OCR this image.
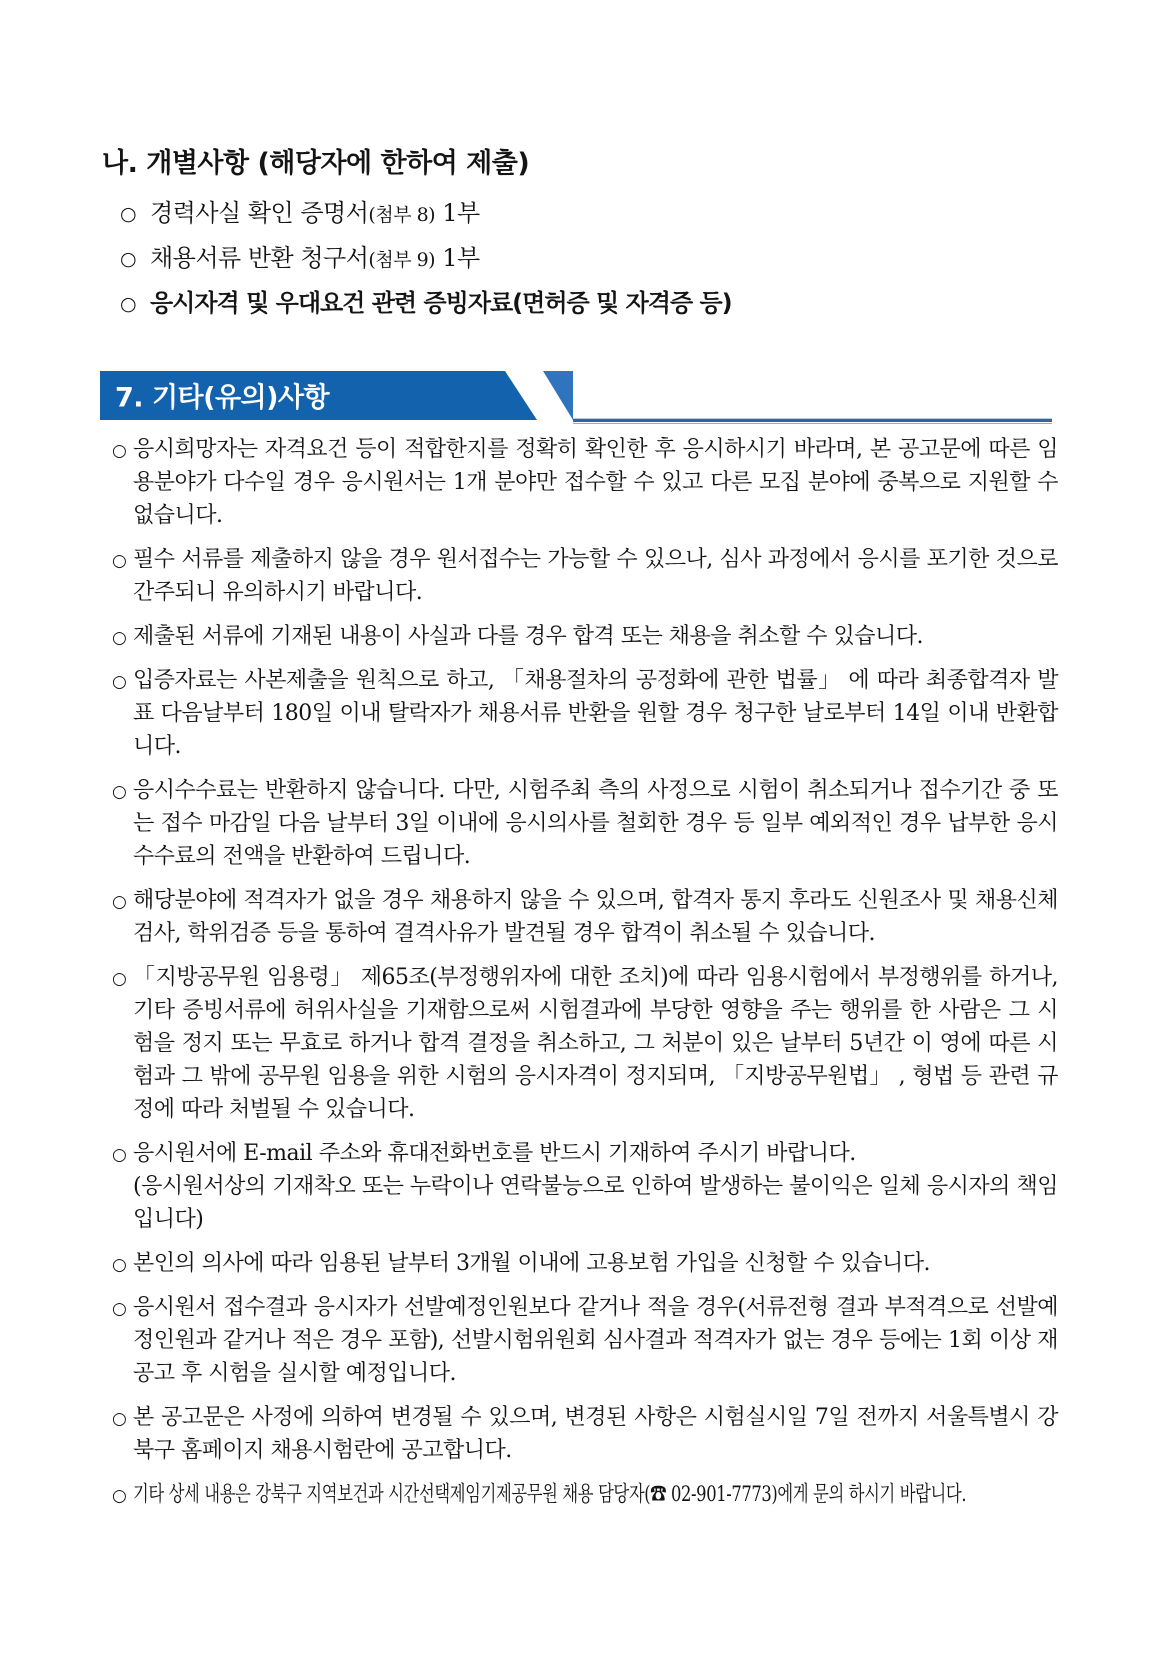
나. 개별사항 (해당자에 한하여 제출)
○ 경력사실 확인 증명서(첨부 8) 1부
○ 채용서류 반환 청구서(첨부 9) 1부
○ 응시자격 및 우대요건 관련 증빙자료(면허증 및 자격증 등)
7. 기타(유의)사항
○ 응시희망자는 자격요건 등이 적합한지를 정확히 확인한 후 응시하시기 바라며, 본 공고문에 따른 임용분야가 다수일 경우 응시원서는 1개 분야만 접수할 수 있고 다른 모집 분야에 중복으로 지원할 수 없습니다.
○ 필수 서류를 제출하지 않을 경우 원서접수는 가능할 수 있으나, 심사 과정에서 응시를 포기한 것으로 간주되니 유의하시기 바랍니다.
○ 제출된 서류에 기재된 내용이 사실과 다를 경우 합격 또는 채용을 취소할 수 있습니다.
○ 입증자료는 사본제출을 원칙으로 하고, 「채용절차의 공정화에 관한 법률」 에 따라 최종합격자 발표 다음날부터 180일 이내 탈락자가 채용서류 반환을 원할 경우 청구한 날로부터 14일 이내 반환합니다.
○ 응시수수료는 반환하지 않습니다. 다만, 시험주최 측의 사정으로 시험이 취소되거나 접수기간 중 또는 접수 마감일 다음 날부터 3일 이내에 응시의사를 철회한 경우 등 일부 예외적인 경우 납부한 응시수수료의 전액을 반환하여 드립니다.
○ 해당분야에 적격자가 없을 경우 채용하지 않을 수 있으며, 합격자 통지 후라도 신원조사 및 채용신체검사, 학위검증 등을 통하여 결격사유가 발견될 경우 합격이 취소될 수 있습니다.
○ 「지방공무원 임용령」 제65조(부정행위자에 대한 조치)에 따라 임용시험에서 부정행위를 하거나, 기타 증빙서류에 허위사실을 기재함으로써 시험결과에 부당한 영향을 주는 행위를 한 사람은 그 시험을 정지 또는 무효로 하거나 합격 결정을 취소하고, 그 처분이 있은 날부터 5년간 이 영에 따른 시험과 그 밖에 공무원 임용을 위한 시험의 응시자격이 정지되며, 「지방공무원법」 , 형법 등 관련 규정에 따라 처벌될 수 있습니다.
○ 응시원서에 E-mail 주소와 휴대전화번호를 반드시 기재하여 주시기 바랍니다.
(응시원서상의 기재착오 또는 누락이나 연락불능으로 인하여 발생하는 불이익은 일체 응시자의 책임입니다)
○ 본인의 의사에 따라 임용된 날부터 3개월 이내에 고용보험 가입을 신청할 수 있습니다.
○ 응시원서 접수결과 응시자가 선발예정인원보다 같거나 적을 경우(서류전형 결과 부적격으로 선발예정인원과 같거나 적은 경우 포함), 선발시험위원회 심사결과 적격자가 없는 경우 등에는 1회 이상 재공고 후 시험을 실시할 예정입니다.
○ 본 공고문은 사정에 의하여 변경될 수 있으며, 변경된 사항은 시험실시일 7일 전까지 서울특별시 강북구 홈페이지 채용시험란에 공고합니다.
○ 기타 상세 내용은 강북구 지역보건과 시간선택제임기제공무원 채용 담당자(☎ 02-901-7773)에게 문의 하시기 바랍니다.
